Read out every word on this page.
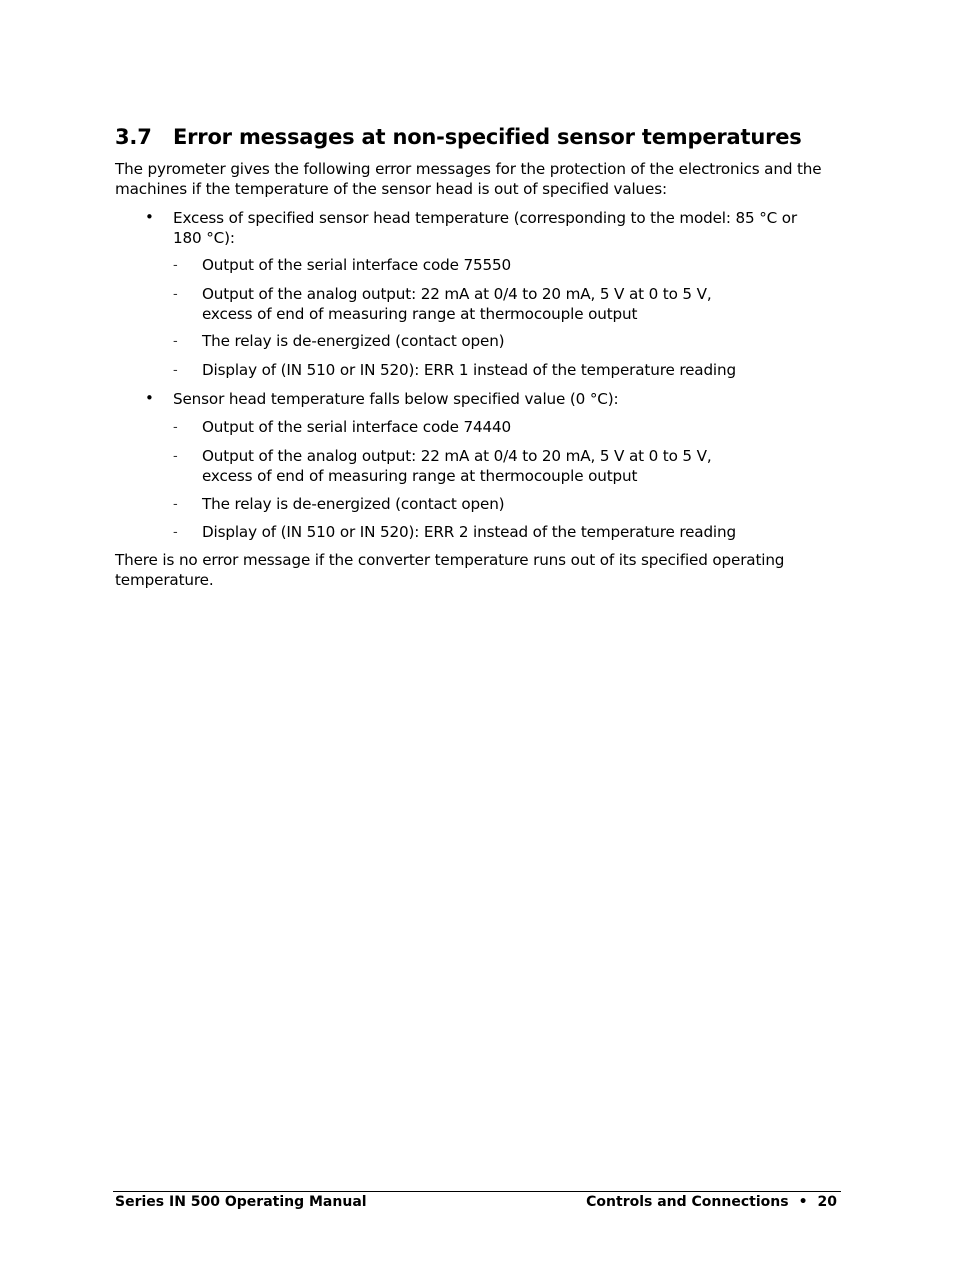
3.7 Error messages at non-specified sensor temperatures
The pyrometer gives the following error messages for the protection of the electronics and the machines if the temperature of the sensor head is out of specified values:
• Excess of specified sensor head temperature (corresponding to the model: 85 °C or
180 °C):
- Output of the serial interface code 75550
- Output of the analog output: 22 mA at 0/4 to 20 mA, 5 V at 0 to 5 V,
excess of end of measuring range at thermocouple output
- The relay is de-energized (contact open)
- Display of (IN 510 or IN 520): ERR 1 instead of the temperature reading
• Sensor head temperature falls below specified value (0 °C):
- Output of the serial interface code 74440
- Output of the analog output: 22 mA at 0/4 to 20 mA, 5 V at 0 to 5 V,
excess of end of measuring range at thermocouple output
- The relay is de-energized (contact open)
- Display of (IN 510 or IN 520): ERR 2 instead of the temperature reading
There is no error message if the converter temperature runs out of its specified operating temperature.
Series IN 500 Operating Manual	Controls and Connections • 20
